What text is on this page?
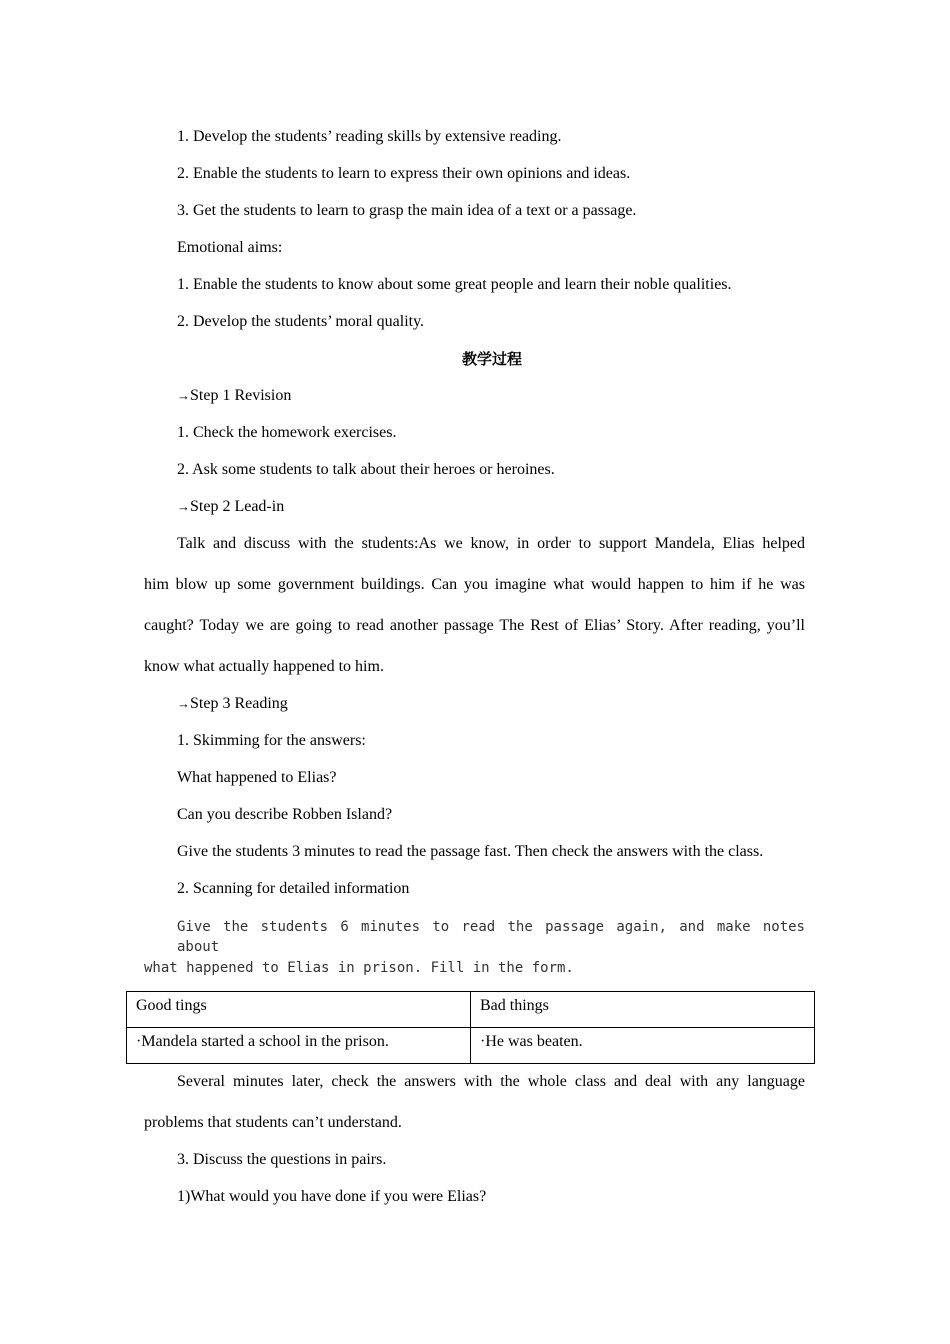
1. Develop the students’ reading skills by extensive reading.
2. Enable the students to learn to express their own opinions and ideas.
3. Get the students to learn to grasp the main idea of a text or a passage.
Emotional aims:
1. Enable the students to know about some great people and learn their noble qualities.
2. Develop the students’ moral quality.
教学过程
→Step 1 Revision
1. Check the homework exercises.
2. Ask some students to talk about their heroes or heroines.
→Step 2 Lead-in
Talk and discuss with the students:As we know, in order to support Mandela, Elias helped
him blow up some government buildings. Can you imagine what would happen to him if he was
caught? Today we are going to read another passage The Rest of Elias’ Story. After reading, you’ll
know what actually happened to him.
→Step 3 Reading
1. Skimming for the answers:
What happened to Elias?
Can you describe Robben Island?
Give the students 3 minutes to read the passage fast. Then check the answers with the class.
2. Scanning for detailed information
Give the students 6 minutes to read the passage again, and make notes about
what happened to Elias in prison. Fill in the form.
Good tings	Bad things
·Mandela started a school in the prison.	·He was beaten.
Several minutes later, check the answers with the whole class and deal with any language
problems that students can’t understand.
3. Discuss the questions in pairs.
1)What would you have done if you were Elias?
